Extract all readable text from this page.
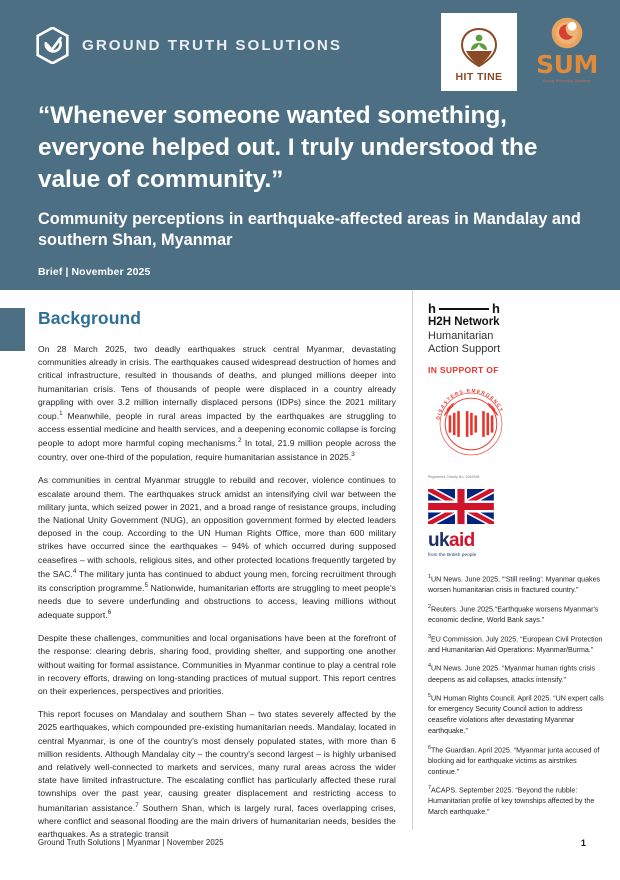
GROUND TRUTH SOLUTIONS
HIT TINE SUM
Spring University Myanmar
“Whenever someone wanted something, everyone helped out. I truly understood the value of community.”
Community perceptions in earthquake-affected areas in Mandalay and southern Shan, Myanmar
Brief | November 2025
Background

On 28 March 2025, two deadly earthquakes struck central Myanmar, devastating communities already in crisis. The earthquakes caused widespread destruction of homes and critical infrastructure, resulted in thousands of deaths, and plunged millions deeper into humanitarian crisis. Tens of thousands of people were displaced in a country already grappling with over 3.2 million internally displaced persons (IDPs) since the 2021 military coup.$^1$ Meanwhile, people in rural areas impacted by the earthquakes are struggling to access essential medicine and health services, and a deepening economic collapse is forcing people to adopt more harmful coping mechanisms.$^2$ In total, 21.9 million people across the country, over one-third of the population, require humanitarian assistance in 2025.$^3$

As communities in central Myanmar struggle to rebuild and recover, violence continues to escalate around them. The earthquakes struck amidst an intensifying civil war between the military junta, which seized power in 2021, and a broad range of resistance groups, including the National Unity Government (NUG), an opposition government formed by elected leaders deposed in the coup. According to the UN Human Rights Office, more than 600 military strikes have occurred since the earthquakes – 94% of which occurred during supposed ceasefires – with schools, religious sites, and other protected locations frequently targeted by the SAC.$^4$ The military junta has continued to abduct young men, forcing recruitment through its conscription programme.$^5$ Nationwide, humanitarian efforts are struggling to meet people's needs due to severe underfunding and obstructions to access, leaving millions without adequate support.$^6$

Despite these challenges, communities and local organisations have been at the forefront of the response: clearing debris, sharing food, providing shelter, and supporting one another without waiting for formal assistance. Communities in Myanmar continue to play a central role in recovery efforts, drawing on long-standing practices of mutual support. This report centres on their experiences, perspectives and priorities.

This report focuses on Mandalay and southern Shan – two states severely affected by the 2025 earthquakes, which compounded pre-existing humanitarian needs. Mandalay, located in central Myanmar, is one of the country's most densely populated states, with more than 6 million residents. Although Mandalay city – the country's second largest – is highly urbanised and relatively well-connected to markets and services, many rural areas across the wider state have limited infrastructure. The escalating conflict has particularly affected these rural townships over the past year, causing greater displacement and restricting access to humanitarian assistance.$^7$ Southern Shan, which is largely rural, faces overlapping crises, where conflict and seasonal flooding are the main drivers of humanitarian needs, besides the earthquakes. As a strategic transit

h	h
H2H Network
Humanitarian
Action Support
IN SUPPORT OF
DISASTERS EMERGENCY
Registered Charity No. 1062638
ukaid
from the British people
$^1$UN News. June 2025. “'Still reeling': Myanmar quakes worsen humanitarian crisis in fractured country.”
$^2$Reuters. June 2025.“Earthquake worsens Myanmar's economic decline, World Bank says.”
$^3$EU Commission. July 2025. “European Civil Protection and Humanitarian Aid Operations: Myanmar/Burma.”
$^4$UN News. June 2025. “Myanmar human rights crisis deepens as aid collapses, attacks intensify.”
$^5$UN Human Rights Council. April 2025. “UN expert calls for emergency Security Council action to address ceasefire violations after devastating Myanmar earthquake.”
$^6$The Guardian. April 2025. “Myanmar junta accused of blocking aid for earthquake victims as airstrikes continue.”
$^7$ACAPS. September 2025. “Beyond the rubble: Humanitarian profile of key townships affected by the March earthquake.”
Ground Truth Solutions | Myanmar | November 2025	1
